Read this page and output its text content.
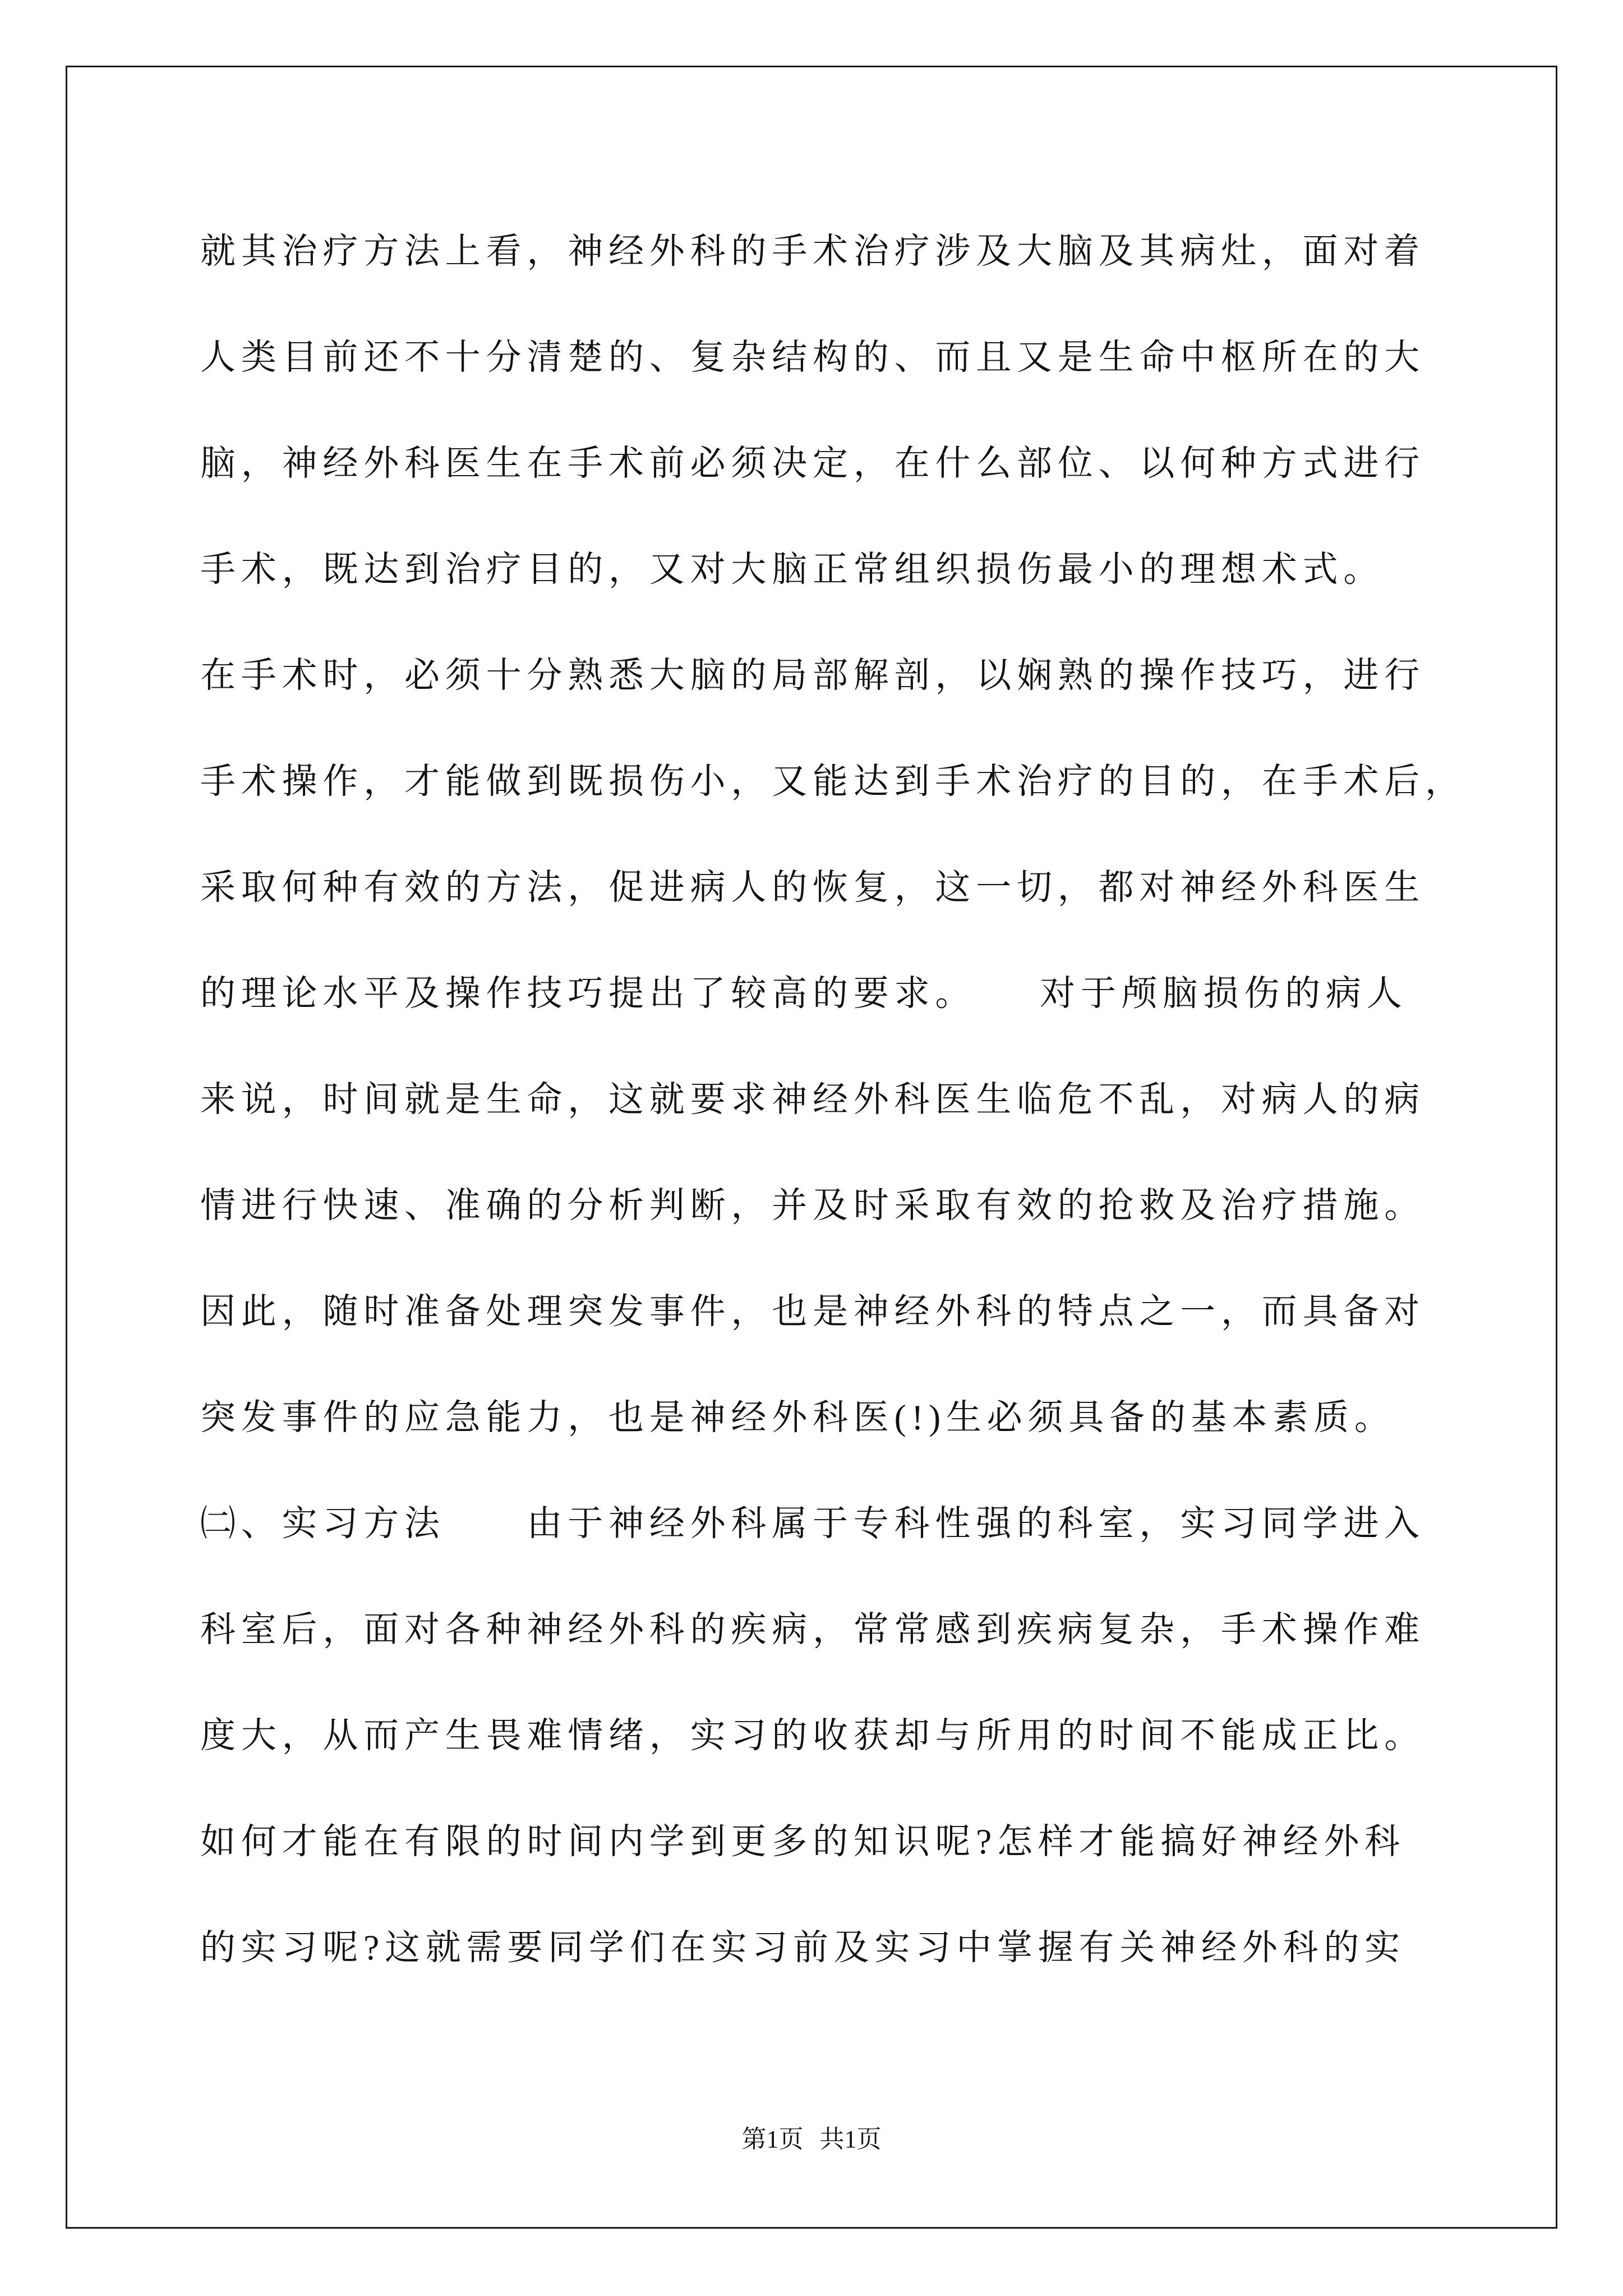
就其治疗方法上看，神经外科的手术治疗涉及大脑及其病灶，面对着
人类目前还不十分清楚的、复杂结构的、而且又是生命中枢所在的大
脑，神经外科医生在手术前必须决定，在什么部位、以何种方式进行
手术，既达到治疗目的，又对大脑正常组织损伤最小的理想术式。
在手术时，必须十分熟悉大脑的局部解剖，以娴熟的操作技巧，进行
手术操作，才能做到既损伤小，又能达到手术治疗的目的，在手术后，
采取何种有效的方法，促进病人的恢复，这一切，都对神经外科医生
的理论水平及操作技巧提出了较高的要求。　　对于颅脑损伤的病人
来说，时间就是生命，这就要求神经外科医生临危不乱，对病人的病
情进行快速、准确的分析判断，并及时采取有效的抢救及治疗措施。
因此，随时准备处理突发事件，也是神经外科的特点之一，而具备对
突发事件的应急能力，也是神经外科医(!)生必须具备的基本素质。
㈡、实习方法　　由于神经外科属于专科性强的科室，实习同学进入
科室后，面对各种神经外科的疾病，常常感到疾病复杂，手术操作难
度大，从而产生畏难情绪，实习的收获却与所用的时间不能成正比。
如何才能在有限的时间内学到更多的知识呢?怎样才能搞好神经外科
的实习呢?这就需要同学们在实习前及实习中掌握有关神经外科的实
第1页 共1页
